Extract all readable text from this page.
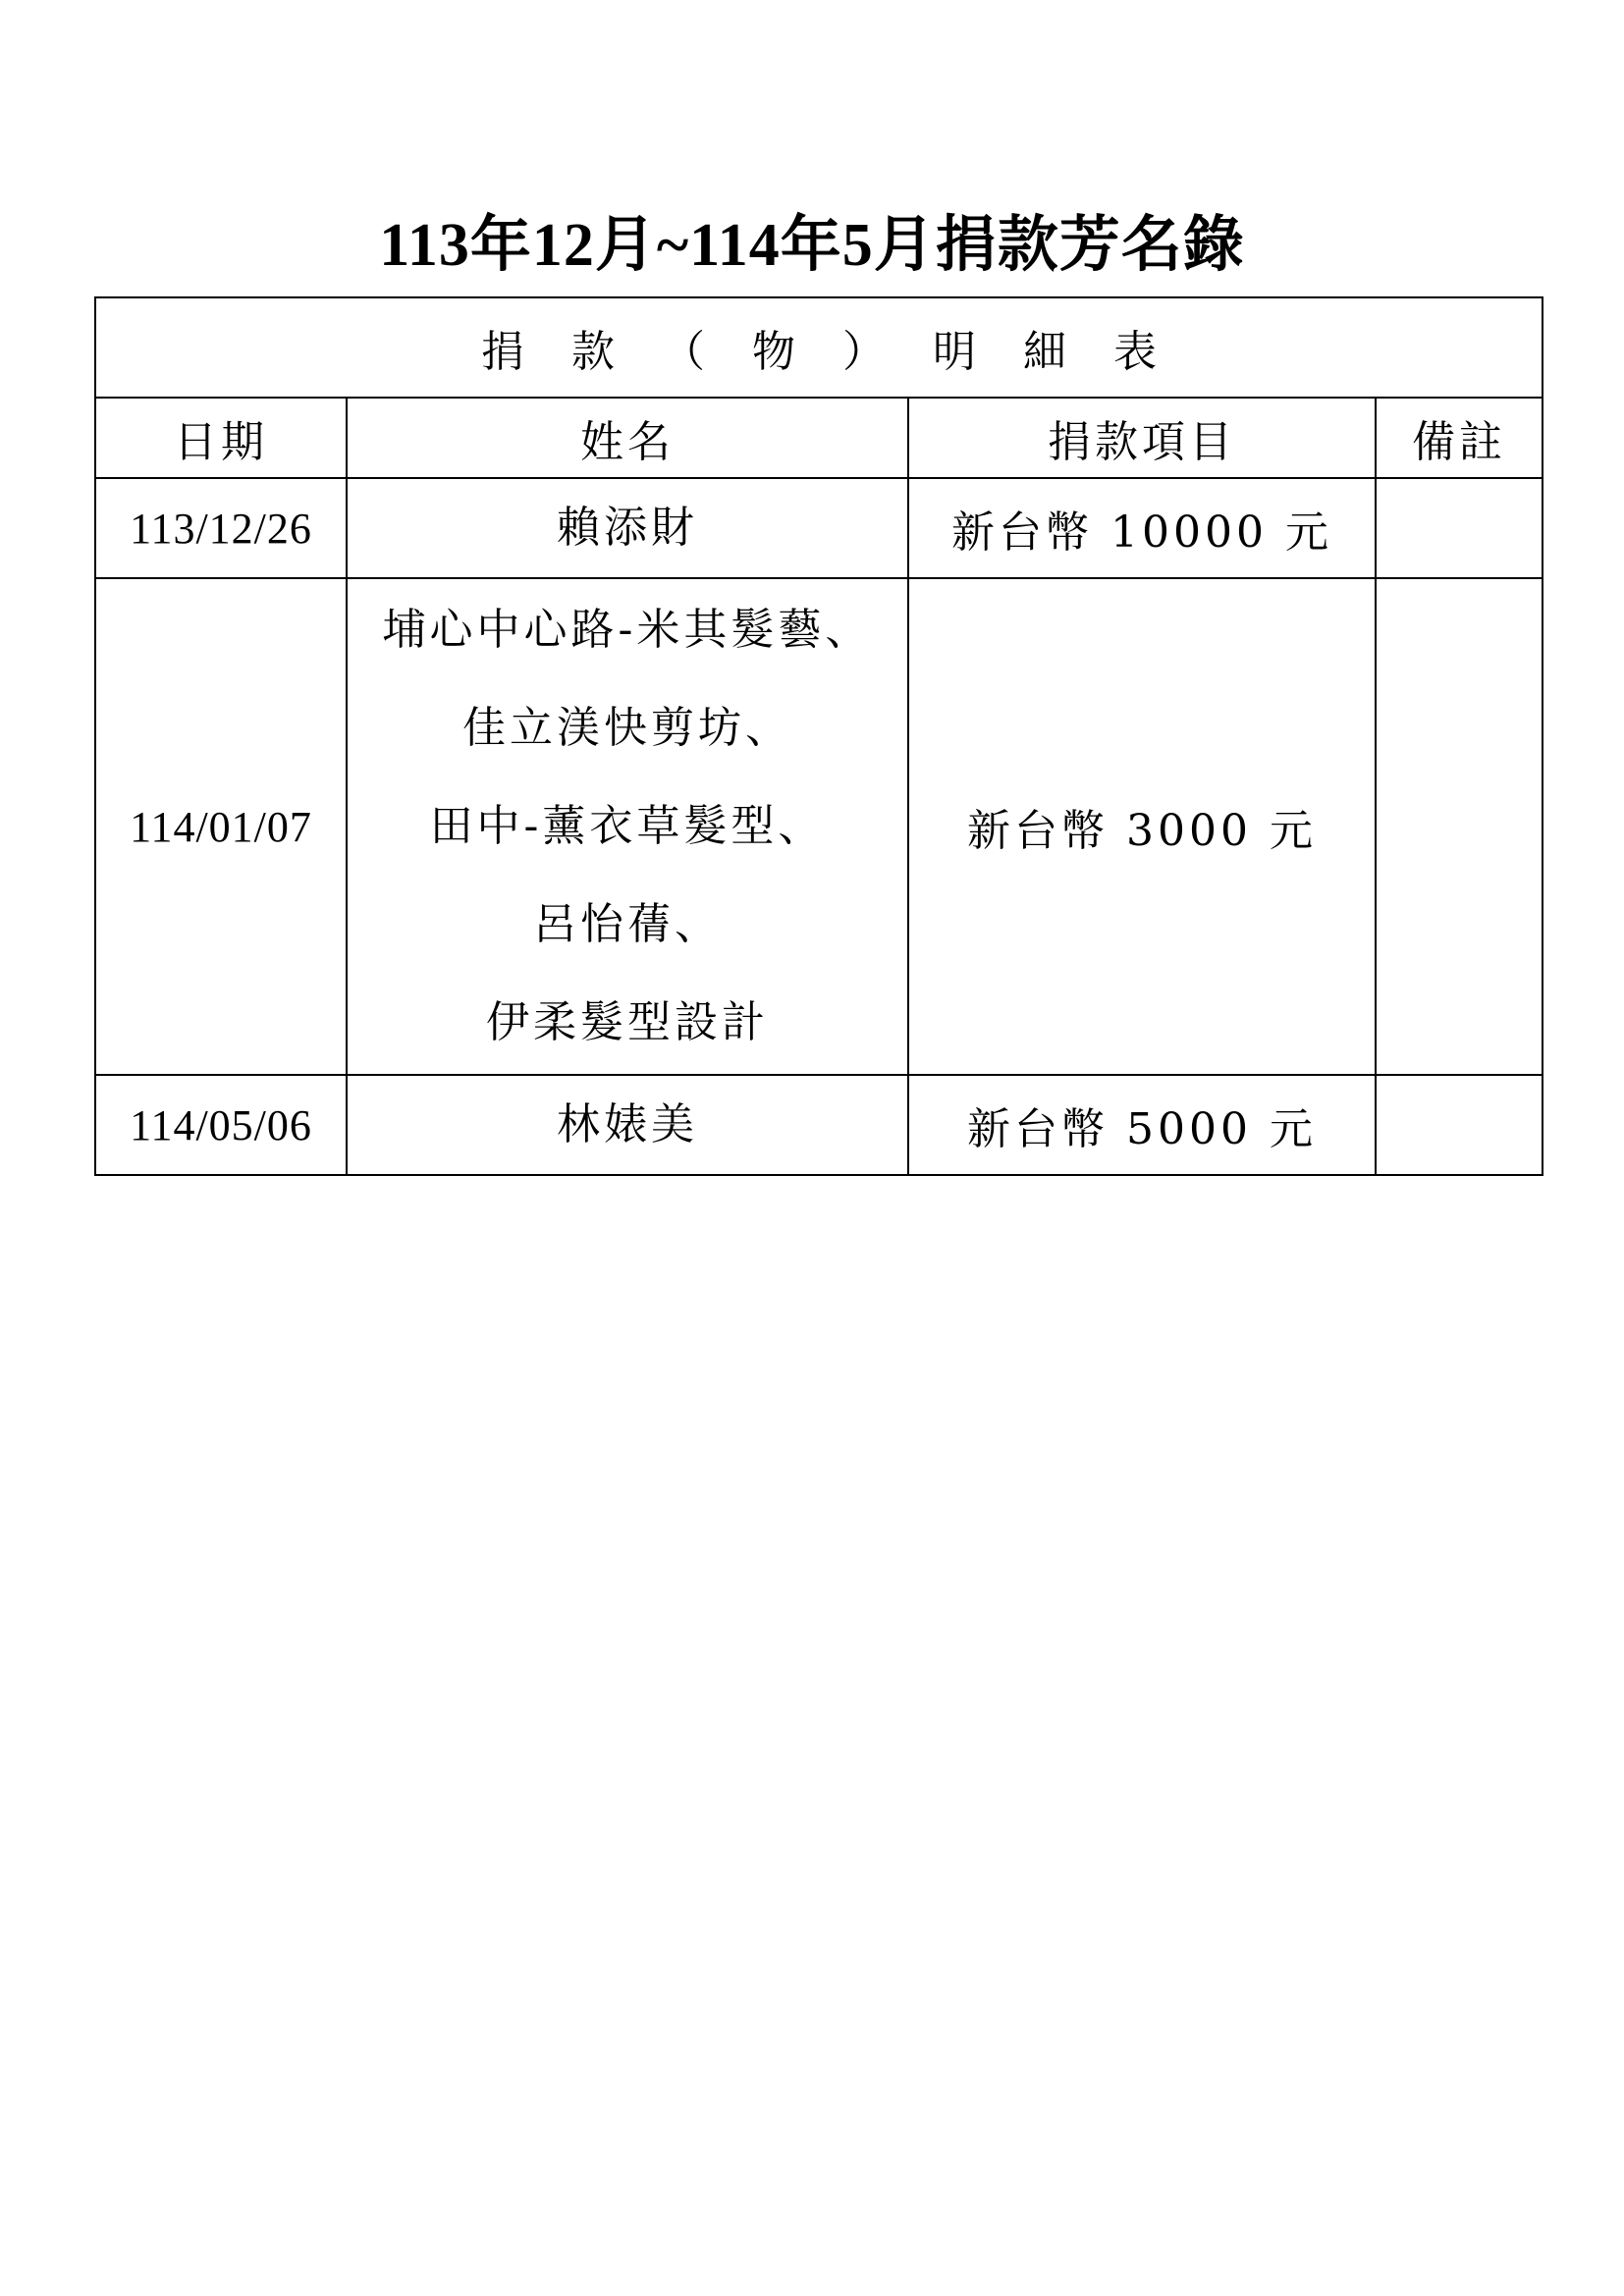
113年12月~114年5月捐款芳名錄
捐款（物）明細表			
日期	姓名	捐款項目	備註
113/12/26	賴添財	新台幣 10000 元	
114/01/07	埔心中心路-米其髮藝、
佳立渼快剪坊、
田中-薰衣草髮型、
呂怡蒨、
伊柔髮型設計	新台幣 3000 元	
114/05/06	林婊美	新台幣 5000 元	
